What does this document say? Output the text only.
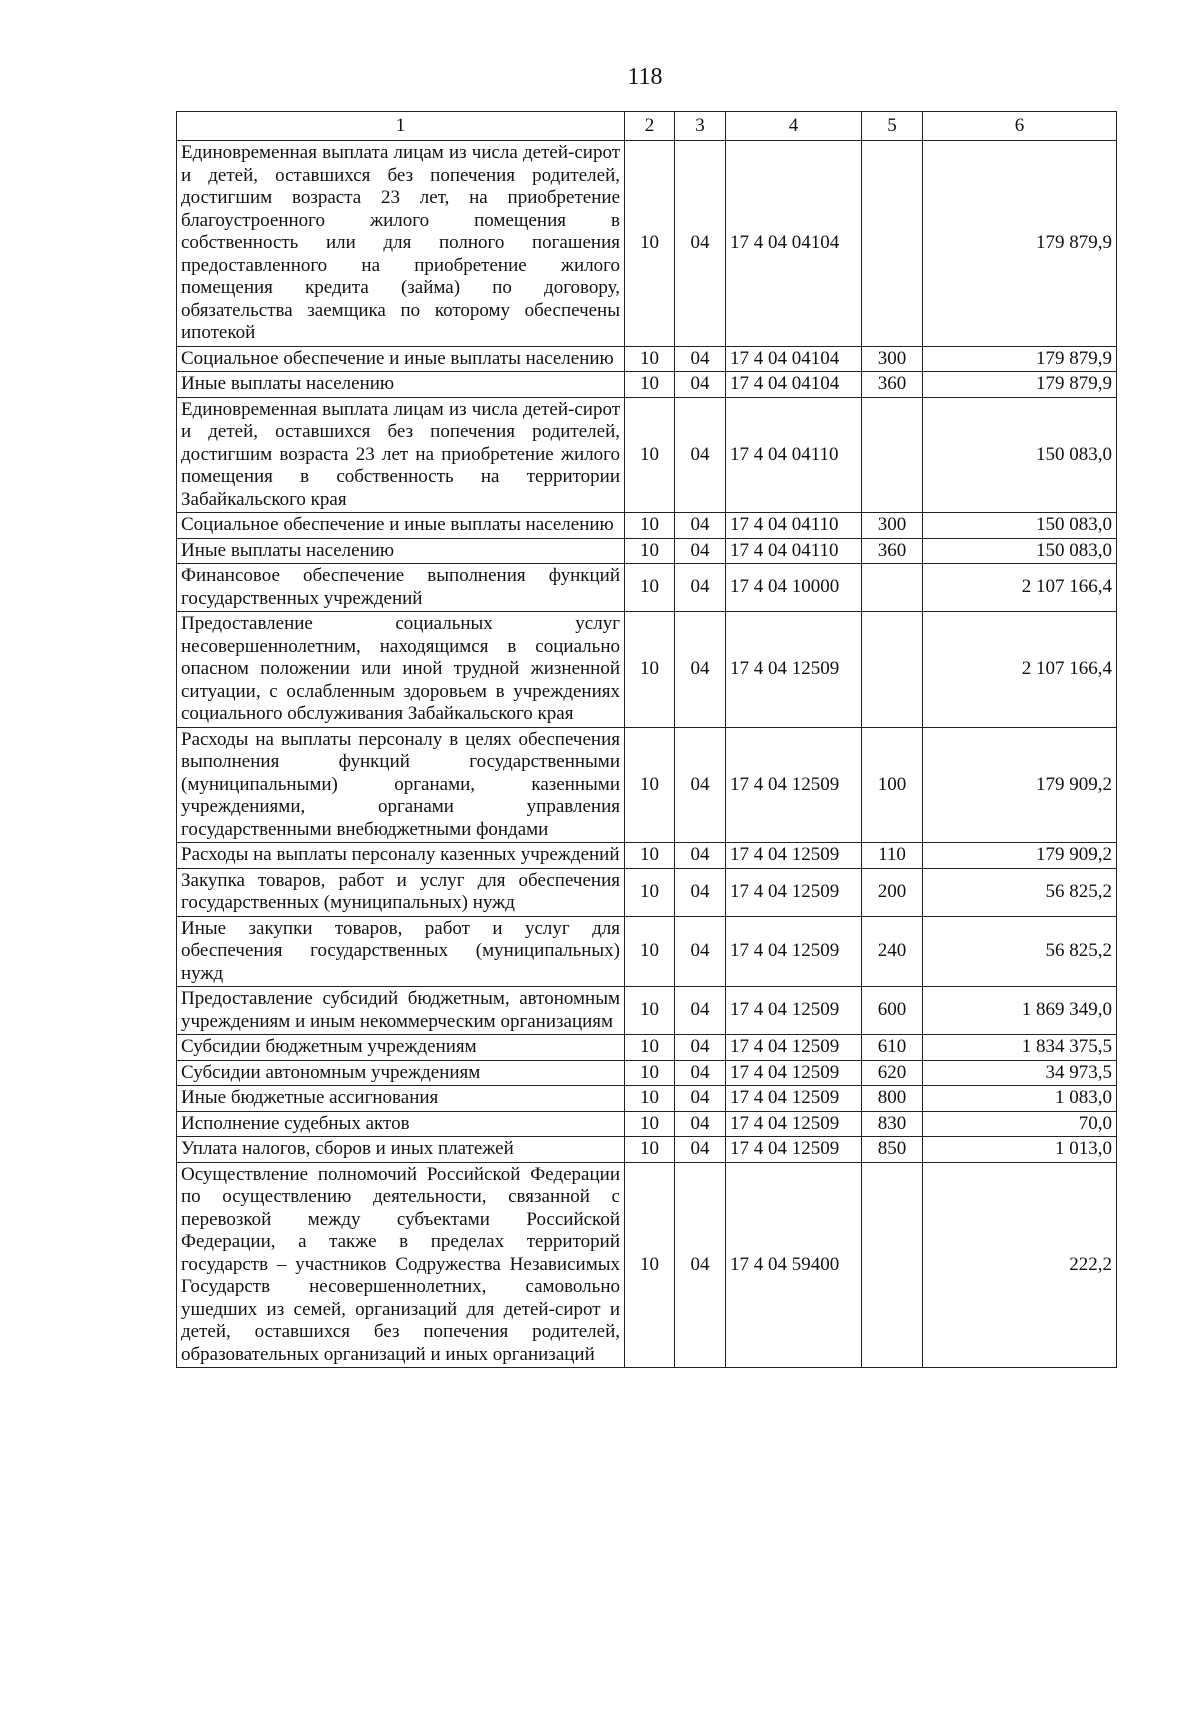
118
1	2	3	4	5	6
Единовременная выплата лицам из числа детей-сирот и детей, оставшихся без попечения родителей, достигшим возраста 23 лет, на приобретение благоустроенного жилого помещения в собственность или для полного погашения предоставленного на приобретение жилого помещения кредита (займа) по договору, обязательства заемщика по которому обеспечены ипотекой	10	04	17 4 04 04104		179 879,9
Социальное обеспечение и иные выплаты населению	10	04	17 4 04 04104	300	179 879,9
Иные выплаты населению	10	04	17 4 04 04104	360	179 879,9
Единовременная выплата лицам из числа детей-сирот и детей, оставшихся без попечения родителей, достигшим возраста 23 лет на приобретение жилого помещения в собственность на территории Забайкальского края	10	04	17 4 04 04110		150 083,0
Социальное обеспечение и иные выплаты населению	10	04	17 4 04 04110	300	150 083,0
Иные выплаты населению	10	04	17 4 04 04110	360	150 083,0
Финансовое обеспечение выполнения функций государственных учреждений	10	04	17 4 04 10000		2 107 166,4
Предоставление социальных услуг несовершеннолетним, находящимся в социально опасном положении или иной трудной жизненной ситуации, с ослабленным здоровьем в учреждениях социального обслуживания Забайкальского края	10	04	17 4 04 12509		2 107 166,4
Расходы на выплаты персоналу в целях обеспечения выполнения функций государственными (муниципальными) органами, казенными учреждениями, органами управления государственными внебюджетными фондами	10	04	17 4 04 12509	100	179 909,2
Расходы на выплаты персоналу казенных учреждений	10	04	17 4 04 12509	110	179 909,2
Закупка товаров, работ и услуг для обеспечения государственных (муниципальных) нужд	10	04	17 4 04 12509	200	56 825,2
Иные закупки товаров, работ и услуг для обеспечения государственных (муниципальных) нужд	10	04	17 4 04 12509	240	56 825,2
Предоставление субсидий бюджетным, автономным учреждениям и иным некоммерческим организациям	10	04	17 4 04 12509	600	1 869 349,0
Субсидии бюджетным учреждениям	10	04	17 4 04 12509	610	1 834 375,5
Субсидии автономным учреждениям	10	04	17 4 04 12509	620	34 973,5
Иные бюджетные ассигнования	10	04	17 4 04 12509	800	1 083,0
Исполнение судебных актов	10	04	17 4 04 12509	830	70,0
Уплата налогов, сборов и иных платежей	10	04	17 4 04 12509	850	1 013,0
Осуществление полномочий Российской Федерации по осуществлению деятельности, связанной с перевозкой между субъектами Российской Федерации, а также в пределах территорий государств – участников Содружества Независимых Государств несовершеннолетних, самовольно ушедших из семей, организаций для детей-сирот и детей, оставшихся без попечения родителей, образовательных организаций и иных организаций	10	04	17 4 04 59400		222,2
